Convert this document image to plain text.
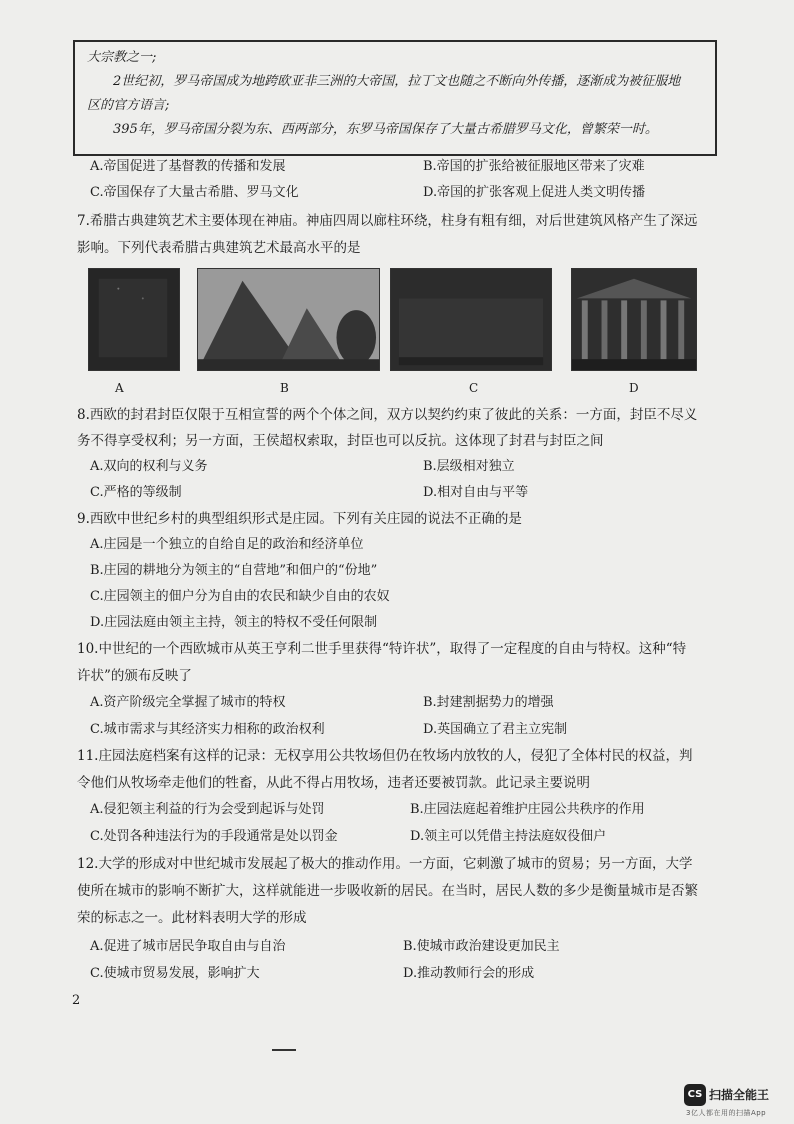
大宗教之一;
2世纪初，罗马帝国成为地跨欧亚非三洲的大帝国，拉丁文也随之不断向外传播，逐渐成为被征服地
区的官方语言;
395年，罗马帝国分裂为东、西两部分，东罗马帝国保存了大量古希腊罗马文化，曾繁荣一时。
A.帝国促进了基督教的传播和发展	B.帝国的扩张给被征服地区带来了灾难
C.帝国保存了大量古希腊、罗马文化	D.帝国的扩张客观上促进人类文明传播
7.希腊古典建筑艺术主要体现在神庙。神庙四周以廊柱环绕，柱身有粗有细，对后世建筑风格产生了深远
影响。下列代表希腊古典建筑艺术最高水平的是
A	B	C	D
8.西欧的封君封臣仅限于互相宣誓的两个个体之间，双方以契约约束了彼此的关系：一方面，封臣不尽义
务不得享受权利；另一方面，王侯超权索取，封臣也可以反抗。这体现了封君与封臣之间
A.双向的权利与义务	B.层级相对独立
C.严格的等级制	D.相对自由与平等
9.西欧中世纪乡村的典型组织形式是庄园。下列有关庄园的说法不正确的是
A.庄园是一个独立的自给自足的政治和经济单位
B.庄园的耕地分为领主的“自营地”和佃户的“份地”
C.庄园领主的佃户分为自由的农民和缺少自由的农奴
D.庄园法庭由领主主持，领主的特权不受任何限制
10.中世纪的一个西欧城市从英王亨利二世手里获得“特许状”，取得了一定程度的自由与特权。这种“特
许状”的颁布反映了
A.资产阶级完全掌握了城市的特权	B.封建割据势力的增强
C.城市需求与其经济实力相称的政治权利	D.英国确立了君主立宪制
11.庄园法庭档案有这样的记录：无权享用公共牧场但仍在牧场内放牧的人，侵犯了全体村民的权益，判
令他们从牧场牵走他们的牲畜，从此不得占用牧场，违者还要被罚款。此记录主要说明
A.侵犯领主利益的行为会受到起诉与处罚	B.庄园法庭起着维护庄园公共秩序的作用
C.处罚各种违法行为的手段通常是处以罚金	D.领主可以凭借主持法庭奴役佃户
12.大学的形成对中世纪城市发展起了极大的推动作用。一方面，它刺激了城市的贸易；另一方面，大学
使所在城市的影响不断扩大，这样就能进一步吸收新的居民。在当时，居民人数的多少是衡量城市是否繁
荣的标志之一。此材料表明大学的形成
A.促进了城市居民争取自由与自治	B.使城市政治建设更加民主
C.使城市贸易发展，影响扩大	D.推动教师行会的形成
2
CS 扫描全能王
3亿人都在用的扫描App
